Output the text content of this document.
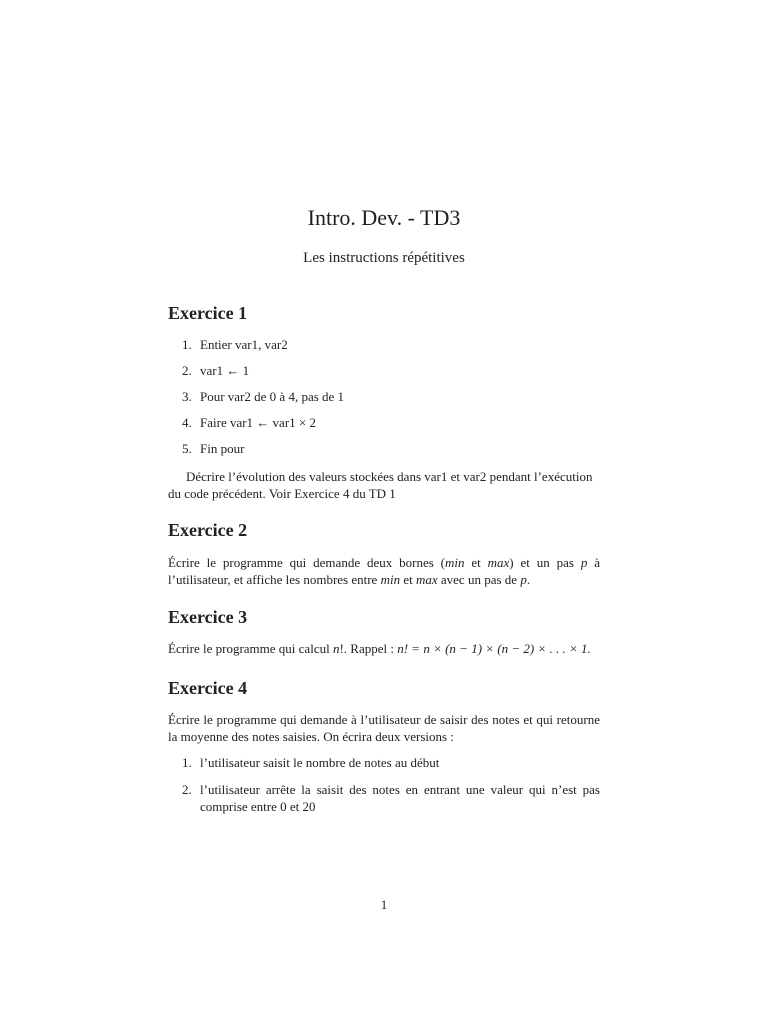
Intro. Dev. - TD3
Les instructions répétitives
Exercice 1
1. Entier var1, var2
2. var1 ← 1
3. Pour var2 de 0 à 4, pas de 1
4. Faire var1 ← var1 × 2
5. Fin pour
Décrire l’évolution des valeurs stockées dans var1 et var2 pendant l’exécution
du code précédent. Voir Exercice 4 du TD 1
Exercice 2
Écrire le programme qui demande deux bornes (min et max) et un pas p à l’utilisateur, et affiche les nombres entre min et max avec un pas de p.
Exercice 3
Écrire le programme qui calcul n!. Rappel : n! = n × (n − 1) × (n − 2) × . . . × 1.
Exercice 4
Écrire le programme qui demande à l’utilisateur de saisir des notes et qui retourne la moyenne des notes saisies. On écrira deux versions :
1. l’utilisateur saisit le nombre de notes au début
2. l’utilisateur arrête la saisit des notes en entrant une valeur qui n’est pas comprise entre 0 et 20
1
